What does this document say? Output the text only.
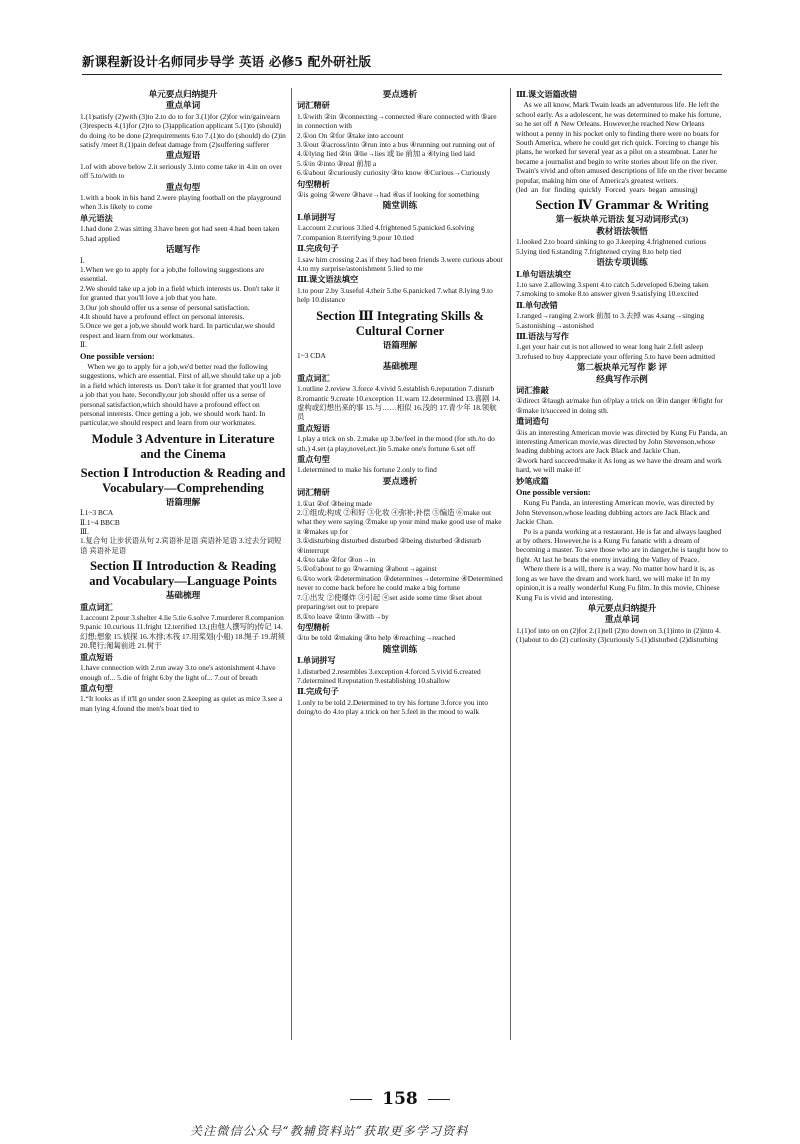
新课程新设计名师同步导学 英语 必修5 配外研社版
单元要点归纳提升
重点单词

1.(1)satisfy (2)with (3)to 2.to do to for 3.(1)for (2)for win/gain/earn (3)respects 4.(1)for (2)to to (3)application applicant 5.(1)to (should) do doing /to be done (2)requirements 6.to 7.(1)to do (should) do (2)in satisfy /meet 8.(1)pain defeat damage from (2)suffering sufferer

重点短语

1.of with above below 2.it seriously 3.into come take in 4.in on over off 5.to/with to

重点句型

1.with a book in his hand 2.were playing football on the playground when 3.is likely to come

单元语法

1.had done 2.was sitting 3.have been got had seen 4.had been taken 5.had applied

话题写作

Ⅰ.

1.When we go to apply for a job,the following suggestions are essential.

2.We should take up a job in a field which interests us. Don't take it for granted that you'll love a job that you hate.

3.Our job should offer us a sense of personal satisfaction.

4.It should have a profound effect on personal interests.

5.Once we get a job,we should work hard. In particular,we should respect and learn from our workmates.

Ⅱ.

One possible version:

When we go to apply for a job,we'd better read the following suggestions, which are essential. First of all,we should take up a job in a field which interests us. Don't take it for granted that you'll love a job that you hate. Secondly,our job should offer us a sense of personal satisfaction,which should have a profound effect on personal interests. Once getting a job, we should work hard. In particular,we should respect and learn from our workmates.

Module 3 Adventure in Literature and the Cinema
Section Ⅰ Introduction & Reading and Vocabulary—Comprehending
语篇理解

Ⅰ.1~3 BCA

Ⅱ.1~4 BBCB

Ⅲ.

1.复合句 让步状语从句 2.宾语补足语 宾语补足语 3.过去分词短语 宾语补足语

Section Ⅱ Introduction & Reading and Vocabulary—Language Points
基础梳理
重点词汇

1.account 2.pour 3.shelter 4.lie 5.tie 6.solve 7.murderer 8.companion 9.panic 10.curious 11.fright 12.terrified 13.(由他人撰写的)传记 14.幻想;想象 15.侦探 16.木排;木筏 17.用桨划(小船) 18.绳子 19.胡须 20.爬行;匍匐前进 21.树干

重点短语

1.have connection with 2.run away 3.to one's astonishment 4.have enough of... 5.die of fright 6.by the light of... 7.out of breath

重点句型

1.“It looks as if it'll go under soon 2.keeping as quiet as mice 3.see a man lying 4.found the men's boat tied to

要点透析
词汇精研

1.①with ②in ③connecting→connected ④are connected with ⑤are in connection with

2.①on On ②for ③take into account

3.①out ②across/into ③run into a bus ④running out running out of

4.①lying lied ②in ③lie→lies 或 lie 前加 a ④lying lied laid

5.①in ②into ③real 前加 a

6.①about ②curiously curiosity ③to know ④Curious→Curiously

句型精析

①is going ②were ③have→had ④as if looking for something

随堂训练
Ⅰ.单词拼写

1.account 2.curious 3.lied 4.frightened 5.panicked 6.solving 7.companion 8.terrifying 9.pour 10.tied

Ⅱ.完成句子

1.saw him crossing 2.as if they had been friends 3.were curious about 4.to my surprise/astonishment 5.lied to me

Ⅲ.课文语法填空

1.to pour 2.by 3.useful 4.their 5.the 6.panicked 7.what 8.lying 9.to help 10.distance

Section Ⅲ Integrating Skills & Cultural Corner
语篇理解

1~3 CDA

基础梳理
重点词汇

1.outline 2.review 3.force 4.vivid 5.establish 6.reputation 7.disturb 8.romantic 9.create 10.exception 11.warn 12.determined 13.喜剧 14.虚构或幻想出来的事 15.与……相似 16.浅的 17.青少年 18.领航员

重点短语

1.play a trick on sb. 2.make up 3.be/feel in the mood (for sth./to do sth.) 4.set (a play,novel,ect.)in 5.make one's fortune 6.set off

重点句型

1.determined to make his fortune 2.only to find

要点透析
词汇精研

1.①at ②of ③being made

2.①组成;构成 ②和好 ③化妆 ④弥补;补偿 ⑤编造 ⑥make out what they were saying ⑦make up your mind make good use of make it ⑧makes up for

3.①disturbing disturbed disturbed ②being disturbed ③disturb ④interrupt

4.①to take ②for ③on→in

5.①of/about to go ②warning ③about→against

6.①to work ②determination ③determines→determine ④Determined never to come back before he could make a big fortune

7.①出发 ②使爆炸 ③引起 ④set aside some time ⑤set about preparing/set out to prepare

8.①to leave ②into ③with→by

句型精析

①to be told ②making ③to help ④reaching→reached

随堂训练
Ⅰ.单词拼写

1.disturbed 2.resembles 3.exception 4.forced 5.vivid 6.created 7.determined 8.reputation 9.establishing 10.shallow

Ⅱ.完成句子

1.only to be told 2.Determined to try his fortune 3.force you into doing/to do 4.to play a trick on her 5.feel in the mood to walk

Ⅲ.课文语篇改错

As we all know, Mark Twain leads an adventurous life. He left the school early. As a adolescent, he was determined to make his fortune, so he set off ∧ New Orleans. However,he reached New Orleans without a penny in his pocket only to finding there were no boats for South America, where he could get rich quick. Forcing to change his plans, he worked for several year as a pilot on a steamboat. Later he became a journalist and begin to write stories about life on the river. Twain's vivid and often amused descriptions of life on the river became popular, making him one of America's greatest writers.

(led  an  for  finding  quickly  Forced  years  began  amusing)

Section Ⅳ Grammar & Writing
第一板块单元语法 复习动词形式(3)
教材语法领悟

1.looked 2.to board sinking to go 3.keeping 4.frightened curious 5.lying tied 6.standing 7.frightened crying 8.to help tied

语法专项训练
Ⅰ.单句语法填空

1.to save 2.allowing 3.spent 4.to catch 5.developed 6.being taken 7.smoking to smoke 8.to answer given 9.satisfying 10.excited

Ⅱ.单句改错

1.ranged→ranging 2.work 前加 to 3.去掉 was 4.sang→singing 5.astonishing→astonished

Ⅲ.语法与写作

1.get your hair cut is not allowed to wear long hair 2.fell asleep 3.refused to buy 4.appreciate your offering 5.to have been admitted

第二板块单元写作 影 评
经典写作示例
词汇推敲

①direct ②laugh at/make fun of/play a trick on ③in danger ④fight for ⑤make it/succeed in doing sth.

遣词造句

①is an interesting American movie was directed by Kung Fu Panda, an interesting American movie,was directed by John Stevenson,whose leading dubbing actors are Jack Black and Jackie Chan.

②work hard succeed/make it As long as we have the dream and work hard, we will make it!

妙笔成篇
One possible version:

Kung Fu Panda, an interesting American movie, was directed by John Stevenson,whose leading dubbing actors are Jack Black and Jackie Chan.

Po is a panda working at a restaurant. He is fat and always laughed at by others. However,he is a Kung Fu fanatic with a dream of becoming a master. To save those who are in danger,he is taught how to fight. At last he beats the enemy invading the Valley of Peace.

Where there is a will, there is a way. No matter how hard it is, as long as we have the dream and work hard, we will make it! In my opinion,it is a really wonderful Kung Fu film. In this movie, Chinese Kung Fu is vivid and interesting.

单元要点归纳提升
重点单词

1.(1)of into on on (2)for 2.(1)tell (2)to down on 3.(1)into in (2)into 4.(1)about to do (2) curiosity (3)curiously 5.(1)disturbed (2)disturbing

158
关注微信公众号“教辅资料站”获取更多学习资料
